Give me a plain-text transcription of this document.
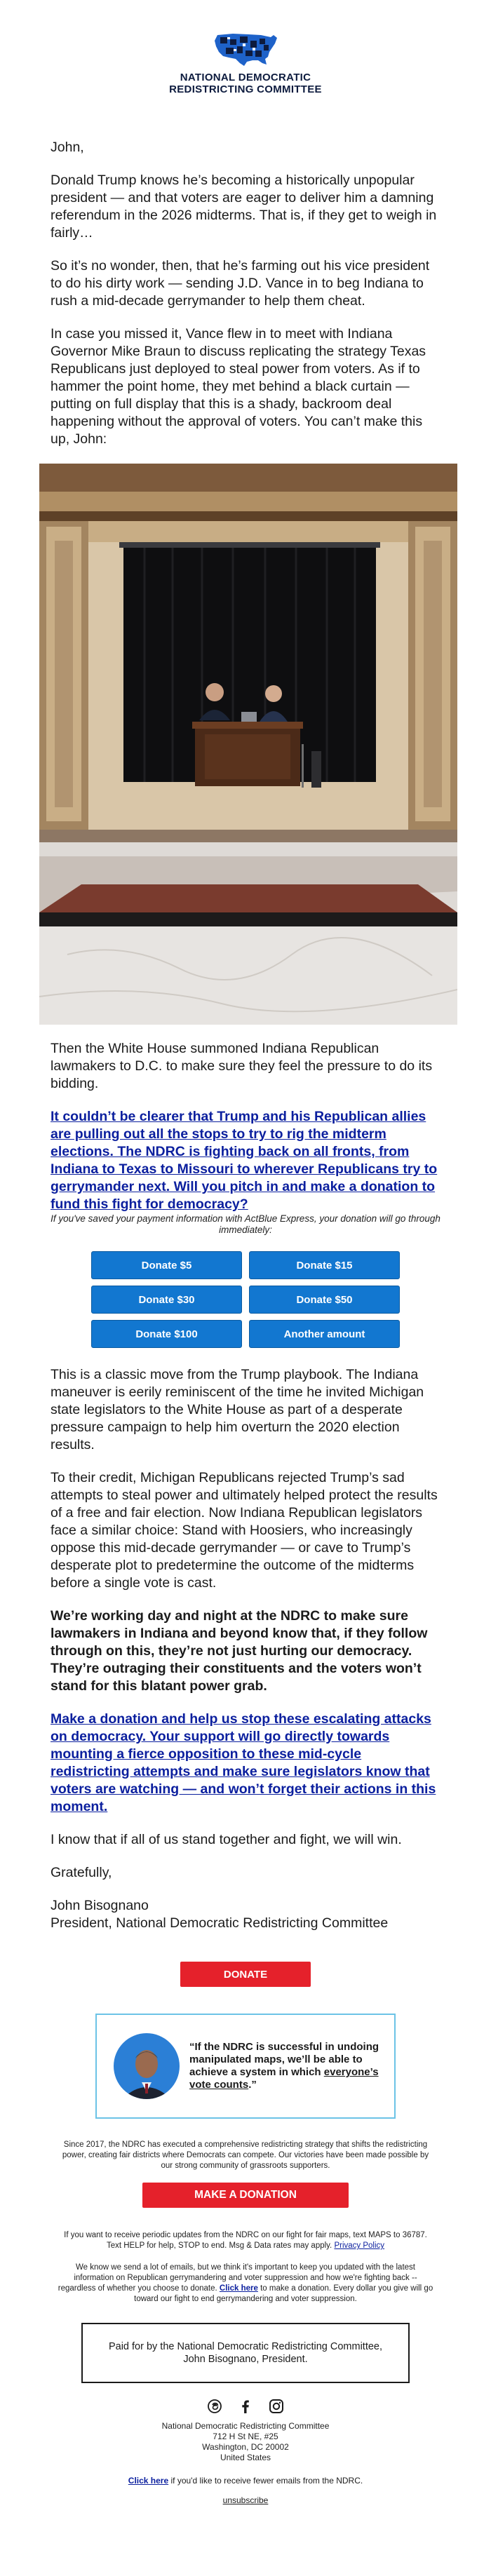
NATIONAL DEMOCRATIC
REDISTRICTING COMMITTEE

John,

Donald Trump knows he’s becoming a historically unpopular president — and that voters are eager to deliver him a damning referendum in the 2026 midterms. That is, if they get to weigh in fairly…

So it’s no wonder, then, that he’s farming out his vice president to do his dirty work — sending J.D. Vance in to beg Indiana to rush a mid-decade gerrymander to help them cheat.

In case you missed it, Vance flew in to meet with Indiana Governor Mike Braun to discuss replicating the strategy Texas Republicans just deployed to steal power from voters. As if to hammer the point home, they met behind a black curtain — putting on full display that this is a shady, backroom deal happening without the approval of voters. You can’t make this up, John:

Then the White House summoned Indiana Republican lawmakers to D.C. to make sure they feel the pressure to do its bidding.

It couldn’t be clearer that Trump and his Republican allies are pulling out all the stops to try to rig the midterm elections. The NDRC is fighting back on all fronts, from Indiana to Texas to Missouri to wherever Republicans try to gerrymander next. Will you pitch in and make a donation to fund this fight for democracy?

If you've saved your payment information with ActBlue Express, your donation will go through immediately:

Donate $5	Donate $15
Donate $30	Donate $50
Donate $100	Another amount

This is a classic move from the Trump playbook. The Indiana maneuver is eerily reminiscent of the time he invited Michigan state legislators to the White House as part of a desperate pressure campaign to help him overturn the 2020 election results.

To their credit, Michigan Republicans rejected Trump’s sad attempts to steal power and ultimately helped protect the results of a free and fair election. Now Indiana Republican legislators face a similar choice: Stand with Hoosiers, who increasingly oppose this mid-decade gerrymander — or cave to Trump’s desperate plot to predetermine the outcome of the midterms before a single vote is cast.

We’re working day and night at the NDRC to make sure lawmakers in Indiana and beyond know that, if they follow through on this, they’re not just hurting our democracy. They’re outraging their constituents and the voters won’t stand for this blatant power grab.

Make a donation and help us stop these escalating attacks on democracy. Your support will go directly towards mounting a fierce opposition to these mid-cycle redistricting attempts and make sure legislators know that voters are watching — and won’t forget their actions in this moment.

I know that if all of us stand together and fight, we will win.

Gratefully,

John Bisognano

President, National Democratic Redistricting Committee

DONATE
“If the NDRC is successful in undoing manipulated maps, we’ll be able to achieve a system in which everyone’s vote counts.”

Since 2017, the NDRC has executed a comprehensive redistricting strategy that shifts the redistricting power, creating fair districts where Democrats can compete. Our victories have been made possible by our strong community of grassroots supporters.

MAKE A DONATION

If you want to receive periodic updates from the NDRC on our fight for fair maps, text MAPS to 36787. Text HELP for help, STOP to end. Msg & Data rates may apply. Privacy Policy

We know we send a lot of emails, but we think it's important to keep you updated with the latest information on Republican gerrymandering and voter suppression and how we're fighting back -- regardless of whether you choose to donate. Click here to make a donation. Every dollar you give will go toward our fight to end gerrymandering and voter suppression.

Paid for by the National Democratic Redistricting Committee, John Bisognano, President.
National Democratic Redistricting Committee
712 H St NE, #25
Washington, DC 20002
United States
Click here if you'd like to receive fewer emails from the NDRC.
unsubscribe
